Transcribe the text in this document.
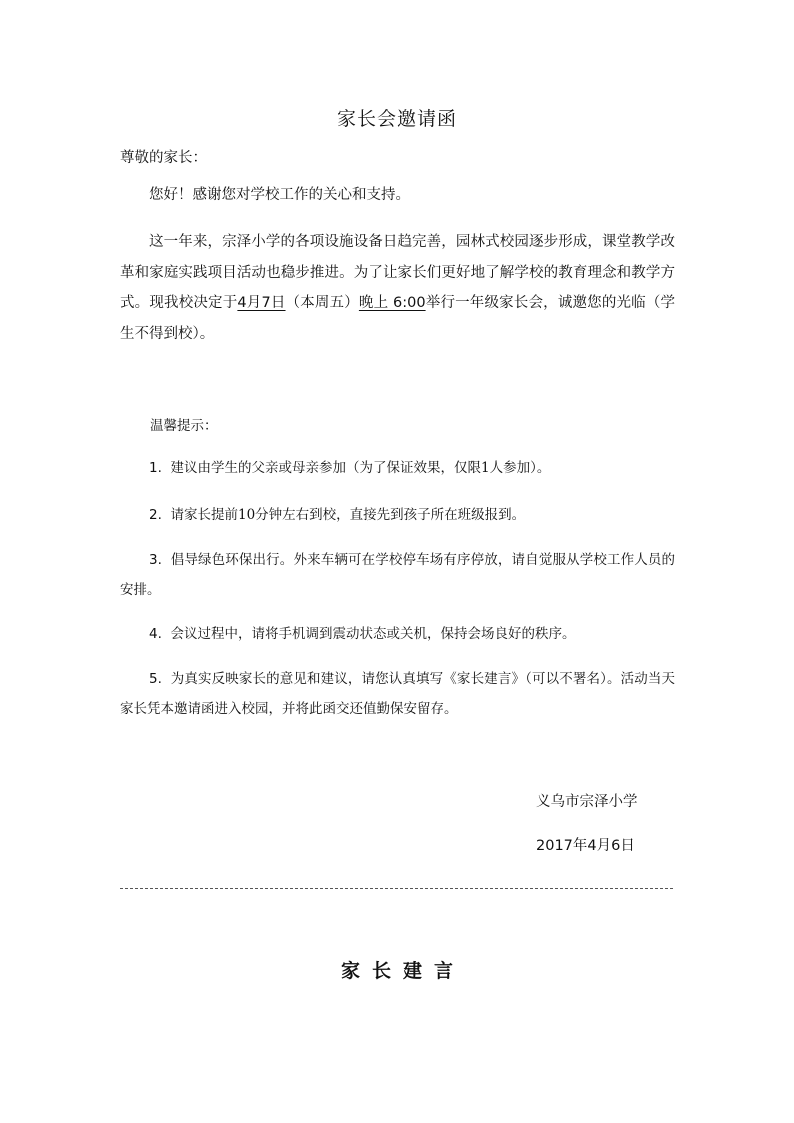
家长会邀请函
尊敬的家长：
您好！感谢您对学校工作的关心和支持。
这一年来，宗泽小学的各项设施设备日趋完善，园林式校园逐步形成，课堂教学改革和家庭实践项目活动也稳步推进。为了让家长们更好地了解学校的教育理念和教学方式。现我校决定于4月7日（本周五）晚上 6:00举行一年级家长会，诚邀您的光临（学生不得到校）。
温馨提示：
1. 建议由学生的父亲或母亲参加（为了保证效果，仅限1人参加）。
2. 请家长提前10分钟左右到校，直接先到孩子所在班级报到。
3. 倡导绿色环保出行。外来车辆可在学校停车场有序停放，请自觉服从学校工作人员的安排。
4. 会议过程中，请将手机调到震动状态或关机，保持会场良好的秩序。
5. 为真实反映家长的意见和建议，请您认真填写《家长建言》（可以不署名）。活动当天家长凭本邀请函进入校园，并将此函交还值勤保安留存。
义乌市宗泽小学
2017年4月6日
家长建言
